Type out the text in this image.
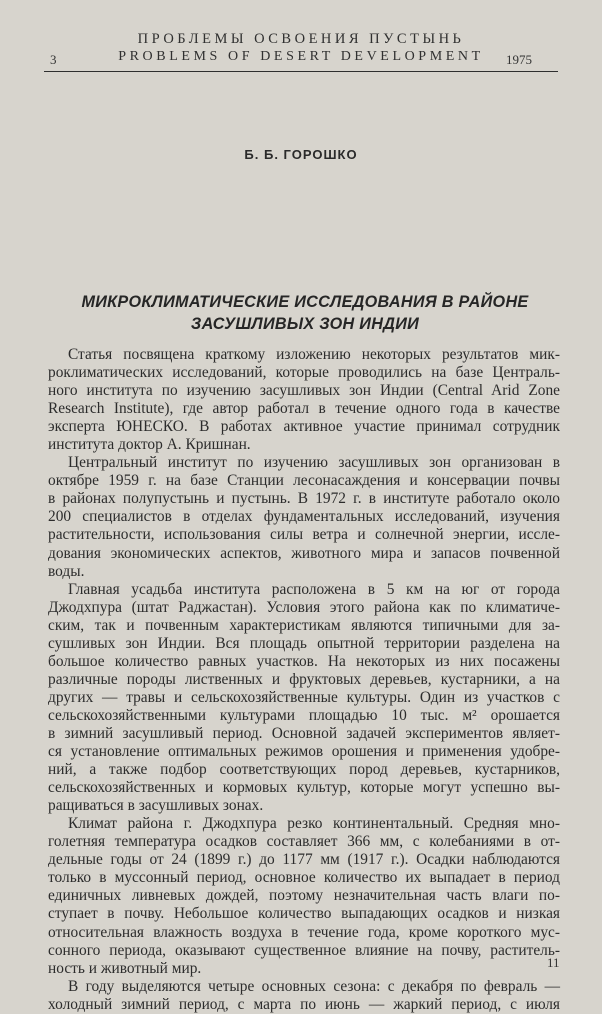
ПРОБЛЕМЫ ОСВОЕНИЯ ПУСТЫНЬ
3	PROBLEMS OF DESERT DEVELOPMENT	1975
Б. Б. ГОРОШКО
МИКРОКЛИМАТИЧЕСКИЕ ИССЛЕДОВАНИЯ В РАЙОНЕ
ЗАСУШЛИВЫХ ЗОН ИНДИИ
Статья посвящена краткому изложению некоторых результатов мик-
роклиматических исследований, которые проводились на базе Централь-
ного института по изучению засушливых зон Индии (Central Arid Zone
Research Institute), где автор работал в течение одного года в качестве
эксперта ЮНЕСКО. В работах активное участие принимал сотрудник
института доктор А. Кришнан.
Центральный институт по изучению засушливых зон организован в
октябре 1959 г. на базе Станции лесонасаждения и консервации почвы
в районах полупустынь и пустынь. В 1972 г. в институте работало около
200 специалистов в отделах фундаментальных исследований, изучения
растительности, использования силы ветра и солнечной энергии, иссле-
дования экономических аспектов, животного мира и запасов почвенной
воды.
Главная усадьба института расположена в 5 км на юг от города
Джодхпура (штат Раджастан). Условия этого района как по климатиче-
ским, так и почвенным характеристикам являются типичными для за-
сушливых зон Индии. Вся площадь опытной территории разделена на
большое количество равных участков. На некоторых из них посажены
различные породы лиственных и фруктовых деревьев, кустарники, а на
других — травы и сельскохозяйственные культуры. Один из участков с
сельскохозяйственными культурами площадью 10 тыс. м² орошается
в зимний засушливый период. Основной задачей экспериментов являет-
ся установление оптимальных режимов орошения и применения удобре-
ний, а также подбор соответствующих пород деревьев, кустарников,
сельскохозяйственных и кормовых культур, которые могут успешно вы-
ращиваться в засушливых зонах.
Климат района г. Джодхпура резко континентальный. Средняя мно-
голетняя температура осадков составляет 366 мм, с колебаниями в от-
дельные годы от 24 (1899 г.) до 1177 мм (1917 г.). Осадки наблюдаются
только в муссонный период, основное количество их выпадает в период
единичных ливневых дождей, поэтому незначительная часть влаги по-
ступает в почву. Небольшое количество выпадающих осадков и низкая
относительная влажность воздуха в течение года, кроме короткого мус-
сонного периода, оказывают существенное влияние на почву, раститель-
ность и животный мир.
В году выделяются четыре основных сезона: с декабря по февраль —
холодный зимний период, с марта по июнь — жаркий период, с июля
11
